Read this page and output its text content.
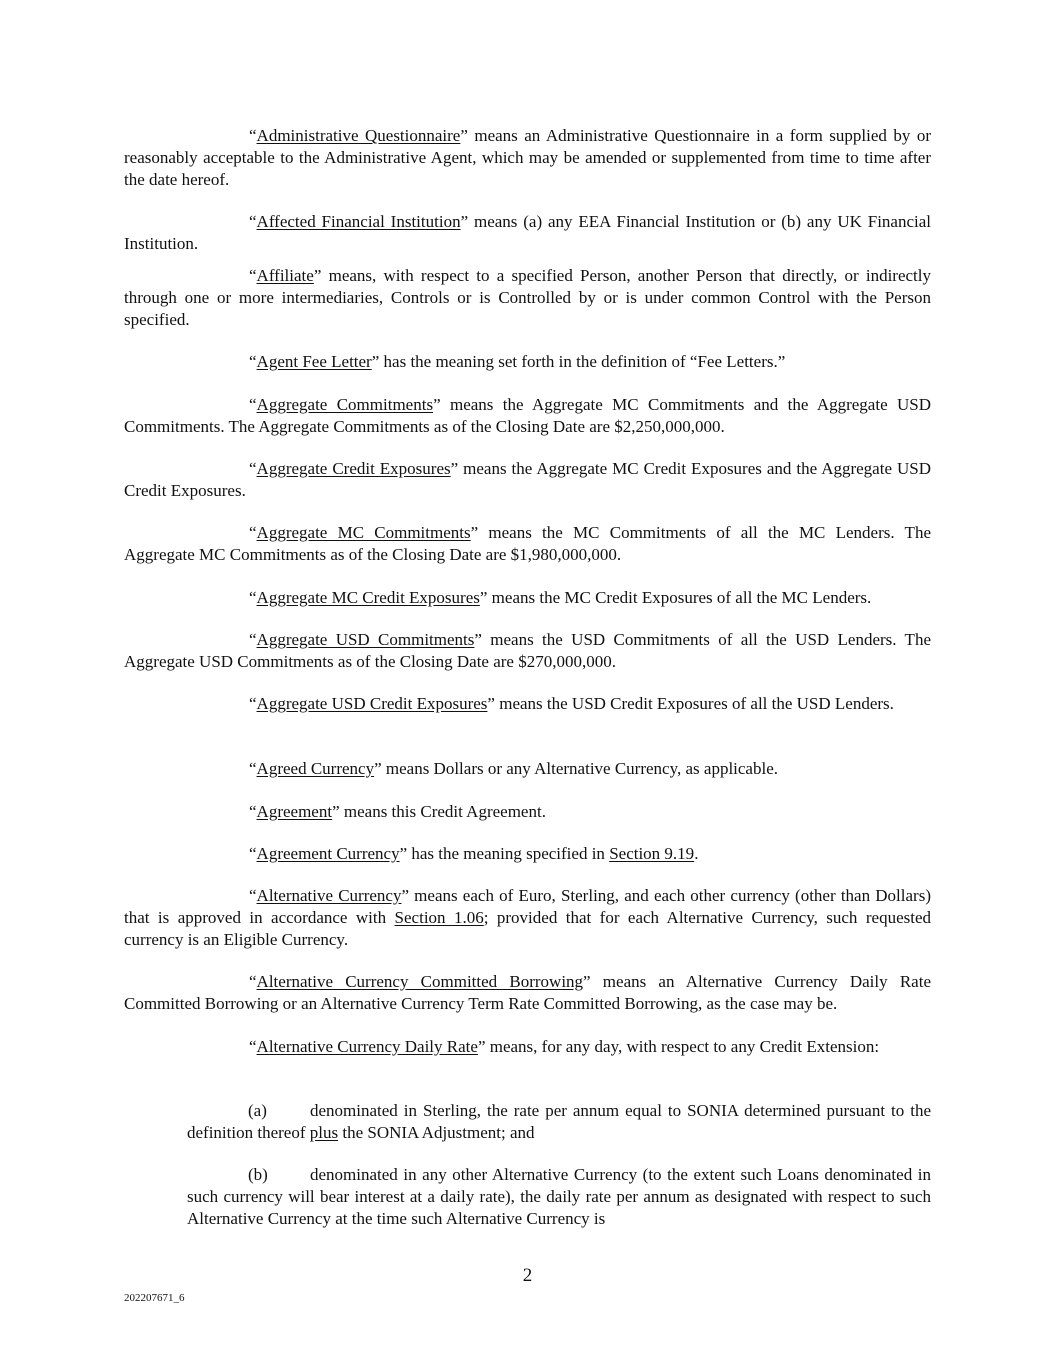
“Administrative Questionnaire” means an Administrative Questionnaire in a form supplied by or reasonably acceptable to the Administrative Agent, which may be amended or supplemented from time to time after the date hereof.

“Affected Financial Institution” means (a) any EEA Financial Institution or (b) any UK Financial Institution.

“Affiliate” means, with respect to a specified Person, another Person that directly, or indirectly through one or more intermediaries, Controls or is Controlled by or is under common Control with the Person specified.

“Agent Fee Letter” has the meaning set forth in the definition of “Fee Letters.”

“Aggregate Commitments” means the Aggregate MC Commitments and the Aggregate USD Commitments. The Aggregate Commitments as of the Closing Date are $2,250,000,000.

“Aggregate Credit Exposures” means the Aggregate MC Credit Exposures and the Aggregate USD Credit Exposures.

“Aggregate MC Commitments” means the MC Commitments of all the MC Lenders. The Aggregate MC Commitments as of the Closing Date are $1,980,000,000.

“Aggregate MC Credit Exposures” means the MC Credit Exposures of all the MC Lenders.

“Aggregate USD Commitments” means the USD Commitments of all the USD Lenders. The Aggregate USD Commitments as of the Closing Date are $270,000,000.

“Aggregate USD Credit Exposures” means the USD Credit Exposures of all the USD Lenders.

“Agreed Currency” means Dollars or any Alternative Currency, as applicable.

“Agreement” means this Credit Agreement.

“Agreement Currency” has the meaning specified in Section 9.19.

“Alternative Currency” means each of Euro, Sterling, and each other currency (other than Dollars) that is approved in accordance with Section 1.06; provided that for each Alternative Currency, such requested currency is an Eligible Currency.

“Alternative Currency Committed Borrowing” means an Alternative Currency Daily Rate Committed Borrowing or an Alternative Currency Term Rate Committed Borrowing, as the case may be.

“Alternative Currency Daily Rate” means, for any day, with respect to any Credit Extension:

(a)	denominated in Sterling, the rate per annum equal to SONIA determined pursuant to the definition thereof plus the SONIA Adjustment; and

(b) denominated in any other Alternative Currency (to the extent such Loans denominated in such currency will bear interest at a daily rate), the daily rate per annum as designated with respect to such Alternative Currency at the time such Alternative Currency is

2
202207671_6
